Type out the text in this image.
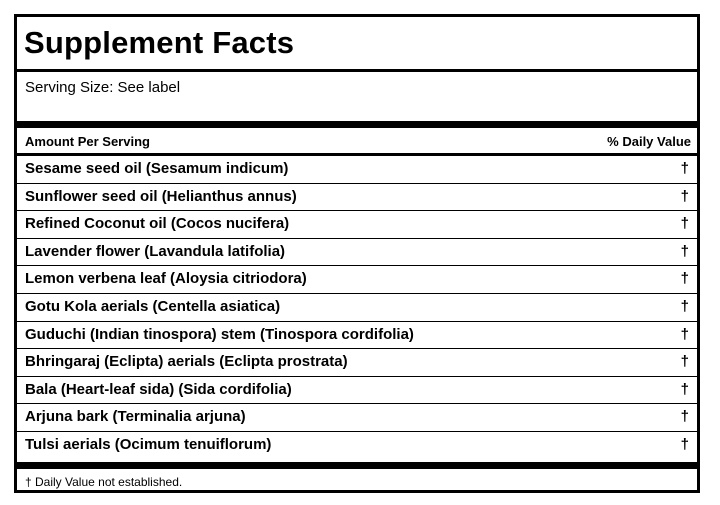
Supplement Facts
Serving Size: See label
Amount Per Serving	% Daily Value
Sesame seed oil (Sesamum indicum)	†
Sunflower seed oil (Helianthus annus)	†
Refined Coconut oil (Cocos nucifera)	†
Lavender flower (Lavandula latifolia)	†
Lemon verbena leaf (Aloysia citriodora)	†
Gotu Kola aerials (Centella asiatica)	†
Guduchi (Indian tinospora) stem (Tinospora cordifolia)	†
Bhringaraj (Eclipta) aerials (Eclipta prostrata)	†
Bala (Heart-leaf sida) (Sida cordifolia)	†
Arjuna bark (Terminalia arjuna)	†
Tulsi aerials (Ocimum tenuiflorum)	†
† Daily Value not established.
